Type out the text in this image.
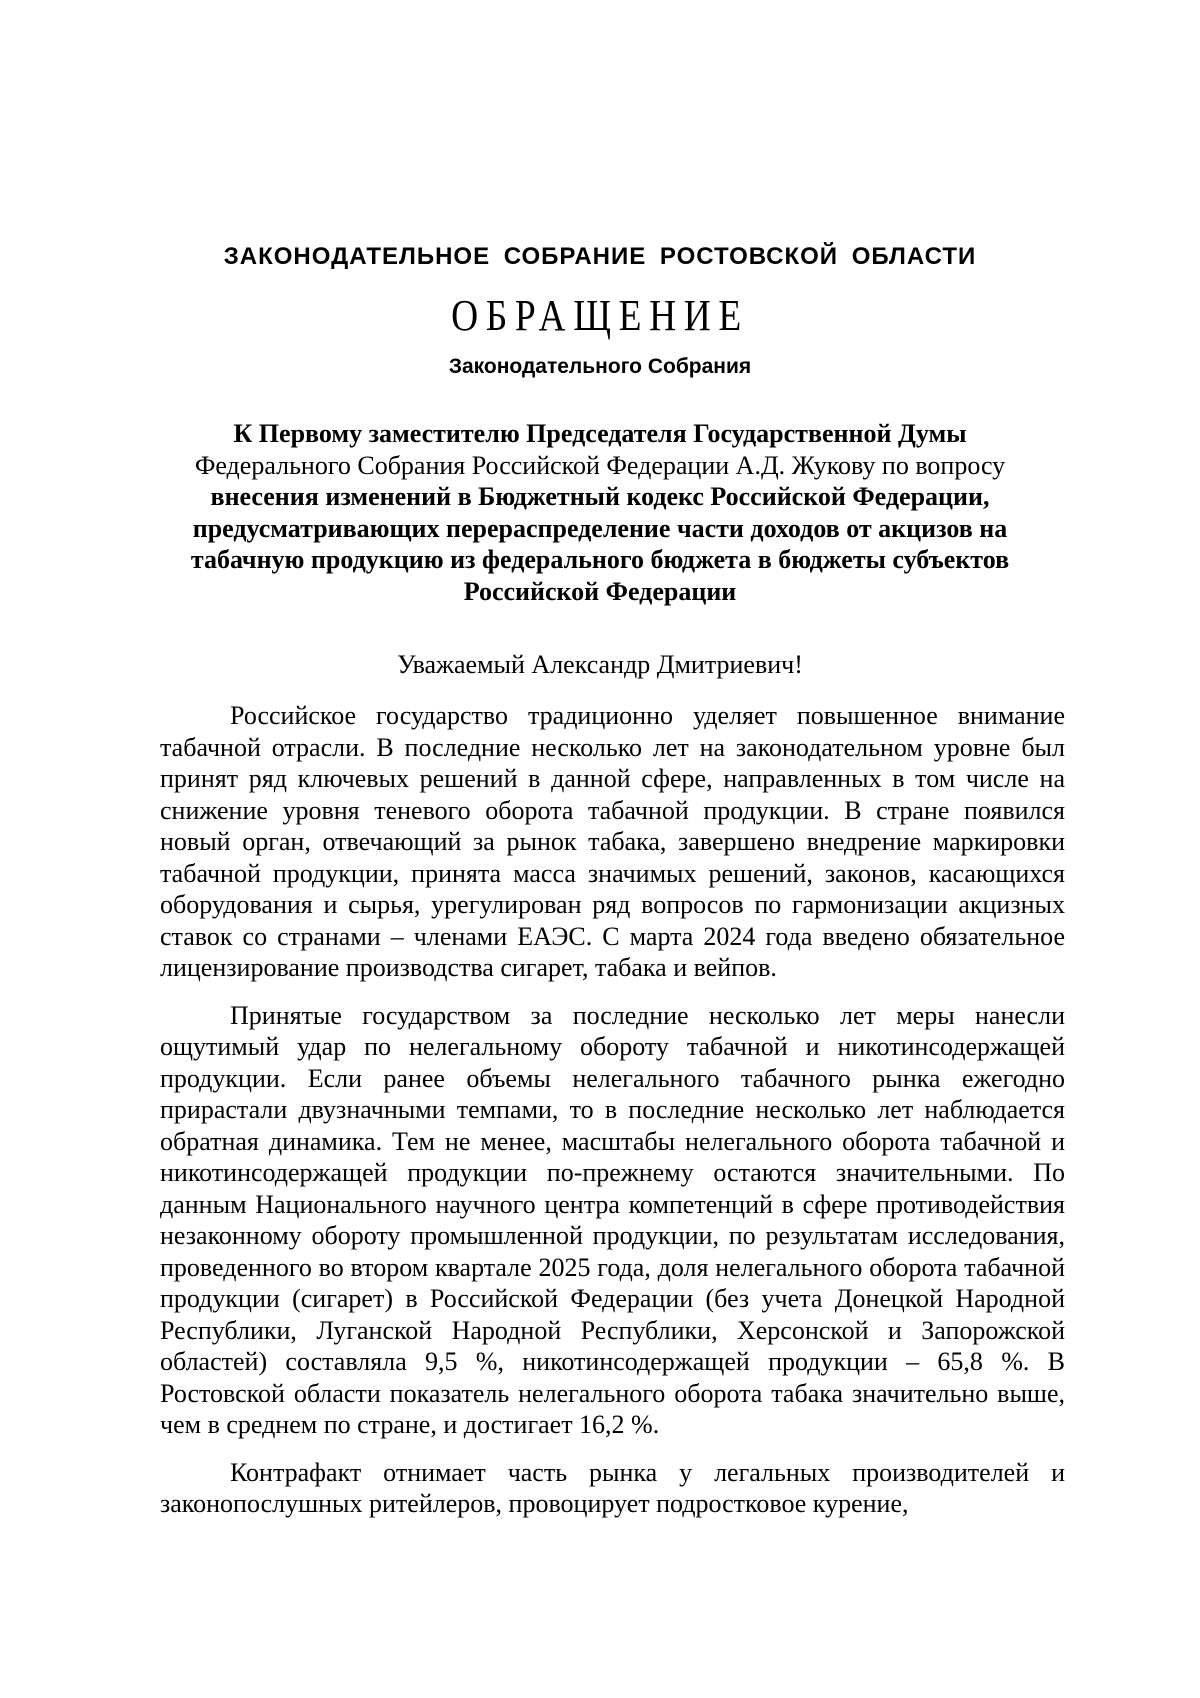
ЗАКОНОДАТЕЛЬНОЕ СОБРАНИЕ РОСТОВСКОЙ ОБЛАСТИ
ОБРАЩЕНИЕ
Законодательного Собрания
К Первому заместителю Председателя Государственной Думы
Федерального Собрания Российской Федерации А.Д. Жукову по вопросу
внесения изменений в Бюджетный кодекс Российской Федерации, предусматривающих перераспределение части доходов от акцизов на табачную продукцию из федерального бюджета в бюджеты субъектов Российской Федерации
Уважаемый Александр Дмитриевич!

Российское государство традиционно уделяет повышенное внимание табачной отрасли. В последние несколько лет на законодательном уровне был принят ряд ключевых решений в данной сфере, направленных в том числе на снижение уровня теневого оборота табачной продукции. В стране появился новый орган, отвечающий за рынок табака, завершено внедрение маркировки табачной продукции, принята масса значимых решений, законов, касающихся оборудования и сырья, урегулирован ряд вопросов по гармонизации акцизных ставок со странами – членами ЕАЭС. С марта 2024 года введено обязательное лицензирование производства сигарет, табака и вейпов.

Принятые государством за последние несколько лет меры нанесли ощутимый удар по нелегальному обороту табачной и никотинсодержащей продукции. Если ранее объемы нелегального табачного рынка ежегодно прирастали двузначными темпами, то в последние несколько лет наблюдается обратная динамика. Тем не менее, масштабы нелегального оборота табачной и никотинсодержащей продукции по-прежнему остаются значительными. По данным Национального научного центра компетенций в сфере противодействия незаконному обороту промышленной продукции, по результатам исследования, проведенного во втором квартале 2025 года, доля нелегального оборота табачной продукции (сигарет) в Российской Федерации (без учета Донецкой Народной Республики, Луганской Народной Республики, Херсонской и Запорожской областей) составляла 9,5 %, никотинсодержащей продукции – 65,8 %. В Ростовской области показатель нелегального оборота табака значительно выше, чем в среднем по стране, и достигает 16,2 %.

Контрафакт отнимает часть рынка у легальных производителей и законопослушных ритейлеров, провоцирует подростковое курение,
